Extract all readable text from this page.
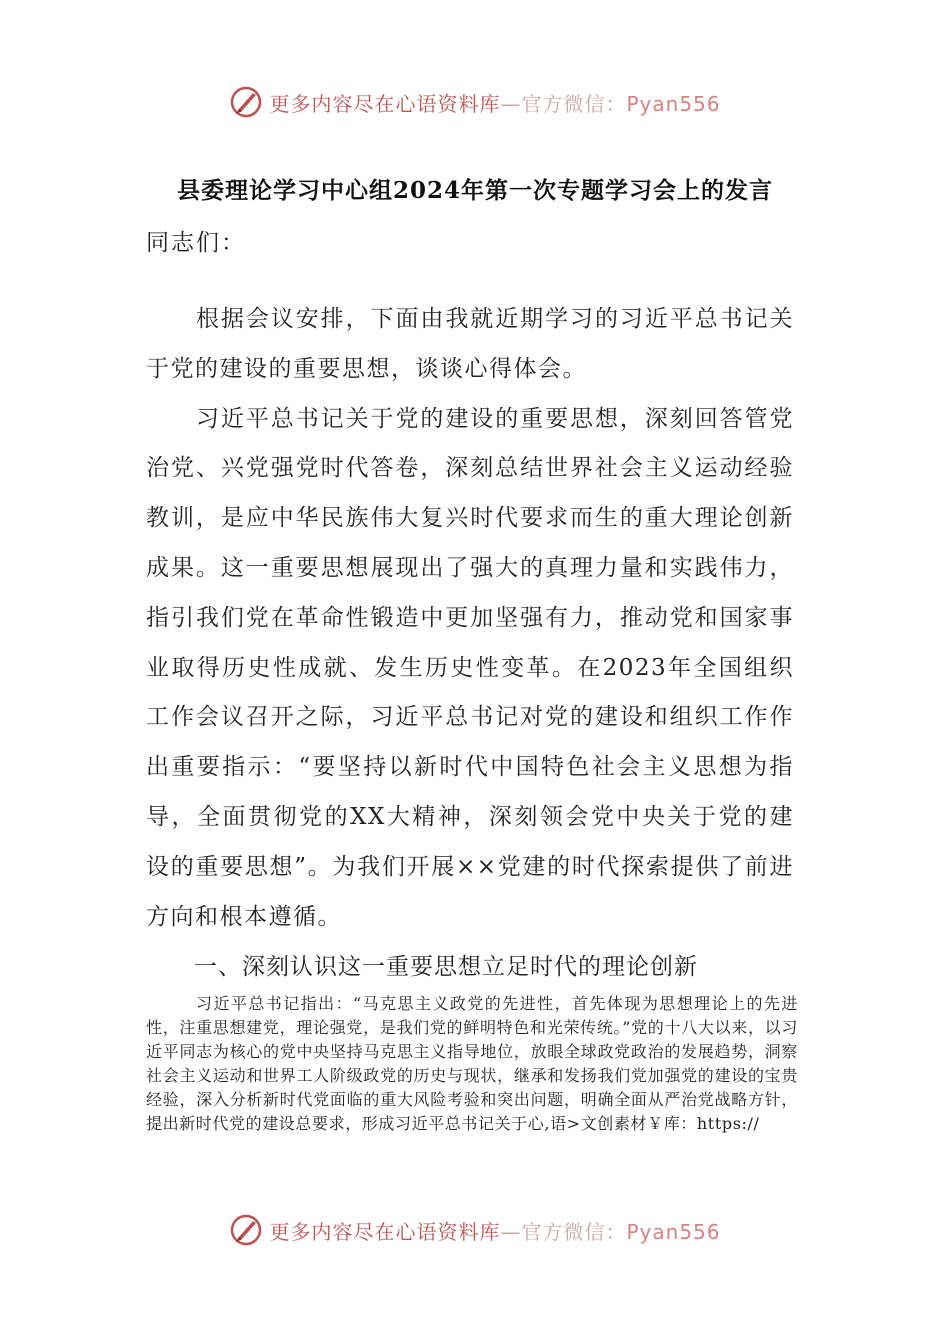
更多内容尽在心语资料库—官方微信：Pyan556
县委理论学习中心组2024年第一次专题学习会上的发言
同志们：

根据会议安排，下面由我就近期学习的习近平总书记关于党的建设的重要思想，谈谈心得体会。

习近平总书记关于党的建设的重要思想，深刻回答管党治党、兴党强党时代答卷，深刻总结世界社会主义运动经验教训，是应中华民族伟大复兴时代要求而生的重大理论创新成果。这一重要思想展现出了强大的真理力量和实践伟力，指引我们党在革命性锻造中更加坚强有力，推动党和国家事业取得历史性成就、发生历史性变革。在2023年全国组织工作会议召开之际，习近平总书记对党的建设和组织工作作出重要指示：“要坚持以新时代中国特色社会主义思想为指导，全面贯彻党的XX大精神，深刻领会党中央关于党的建设的重要思想”。为我们开展××党建的时代探索提供了前进方向和根本遵循。

一、深刻认识这一重要思想立足时代的理论创新

习近平总书记指出：“马克思主义政党的先进性，首先体现为思想理论上的先进性，注重思想建党，理论强党，是我们党的鲜明特色和光荣传统。”党的十八大以来，以习近平同志为核心的党中央坚持马克思主义指导地位，放眼全球政党政治的发展趋势，洞察社会主义运动和世界工人阶级政党的历史与现状，继承和发扬我们党加强党的建设的宝贵经验，深入分析新时代党面临的重大风险考验和突出问题，明确全面从严治党战略方针，提出新时代党的建设总要求，形成习近平总书记关于心,语>文创素材￥库：https://

更多内容尽在心语资料库—官方微信：Pyan556
